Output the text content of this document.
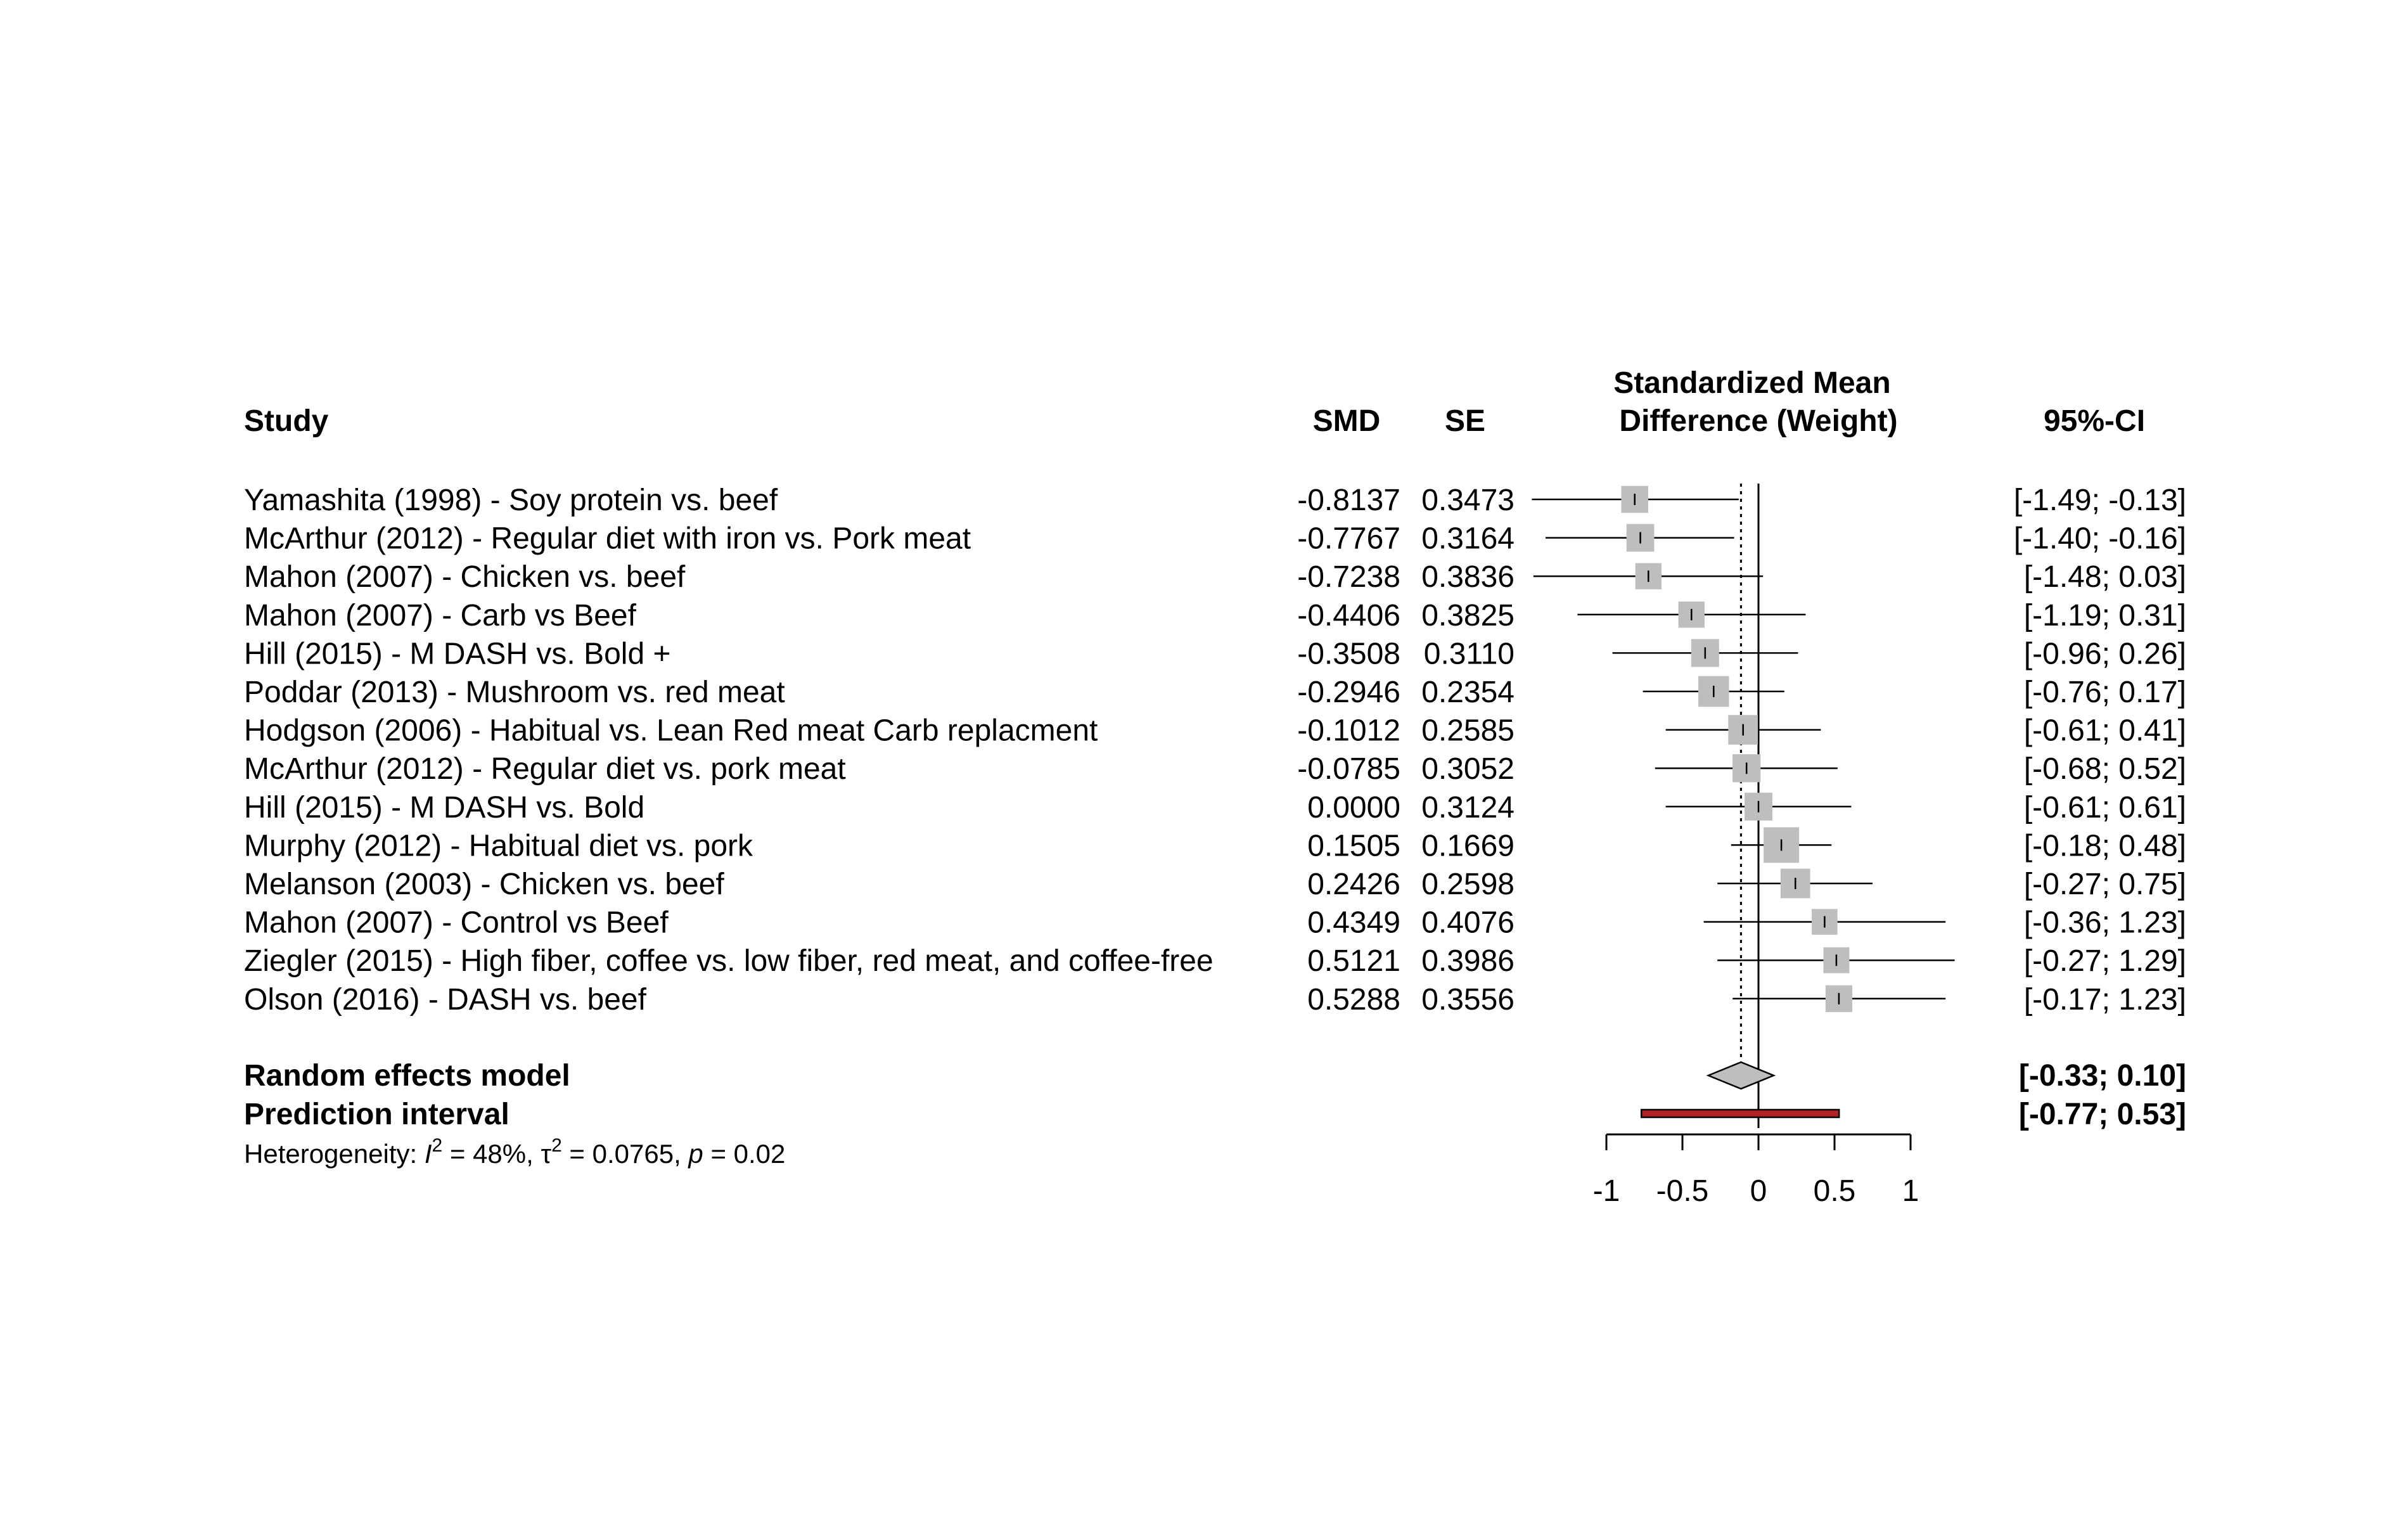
Study	SMD SE
Standardized Mean
Difference (Weight)	95%-CI
Yamashita (1998) - Soy protein vs. beef	-0.8137 0.3473	[-1.49; -0.13]
McArthur (2012) - Regular diet with iron vs. Pork meat	-0.7767 0.3164	[-1.40; -0.16]
Mahon (2007) - Chicken vs. beef	-0.7238 0.3836	[-1.48; 0.03]
Mahon (2007) - Carb vs Beef	-0.4406 0.3825	[-1.19; 0.31]
Hill (2015) - M DASH vs. Bold +	-0.3508 0.3110	[-0.96; 0.26]
Poddar (2013) - Mushroom vs. red meat	-0.2946 0.2354	[-0.76; 0.17]
Hodgson (2006) - Habitual vs. Lean Red meat Carb replacment	-0.1012 0.2585	[-0.61; 0.41]
McArthur (2012) - Regular diet vs. pork meat	-0.0785 0.3052	[-0.68; 0.52]
Hill (2015) - M DASH vs. Bold	0.0000 0.3124	[-0.61; 0.61]
Murphy (2012) - Habitual diet vs. pork	0.1505 0.1669	[-0.18; 0.48]
Melanson (2003) - Chicken vs. beef	0.2426 0.2598	[-0.27; 0.75]
Mahon (2007) - Control vs Beef	0.4349 0.4076	[-0.36; 1.23]
Ziegler (2015) - High fiber, coffee vs. low fiber, red meat, and coffee-free	0.5121 0.3986	[-0.27; 1.29]
Olson (2016) - DASH vs. beef	0.5288 0.3556	[-0.17; 1.23]
-1 -0.5 0 0.5 1
Random effects model	[-0.33; 0.10]
Prediction interval	[-0.77; 0.53]
Heterogeneity: $I^2 = 48\%$, $\tau^2 = 0.0765$, p = 0.02
